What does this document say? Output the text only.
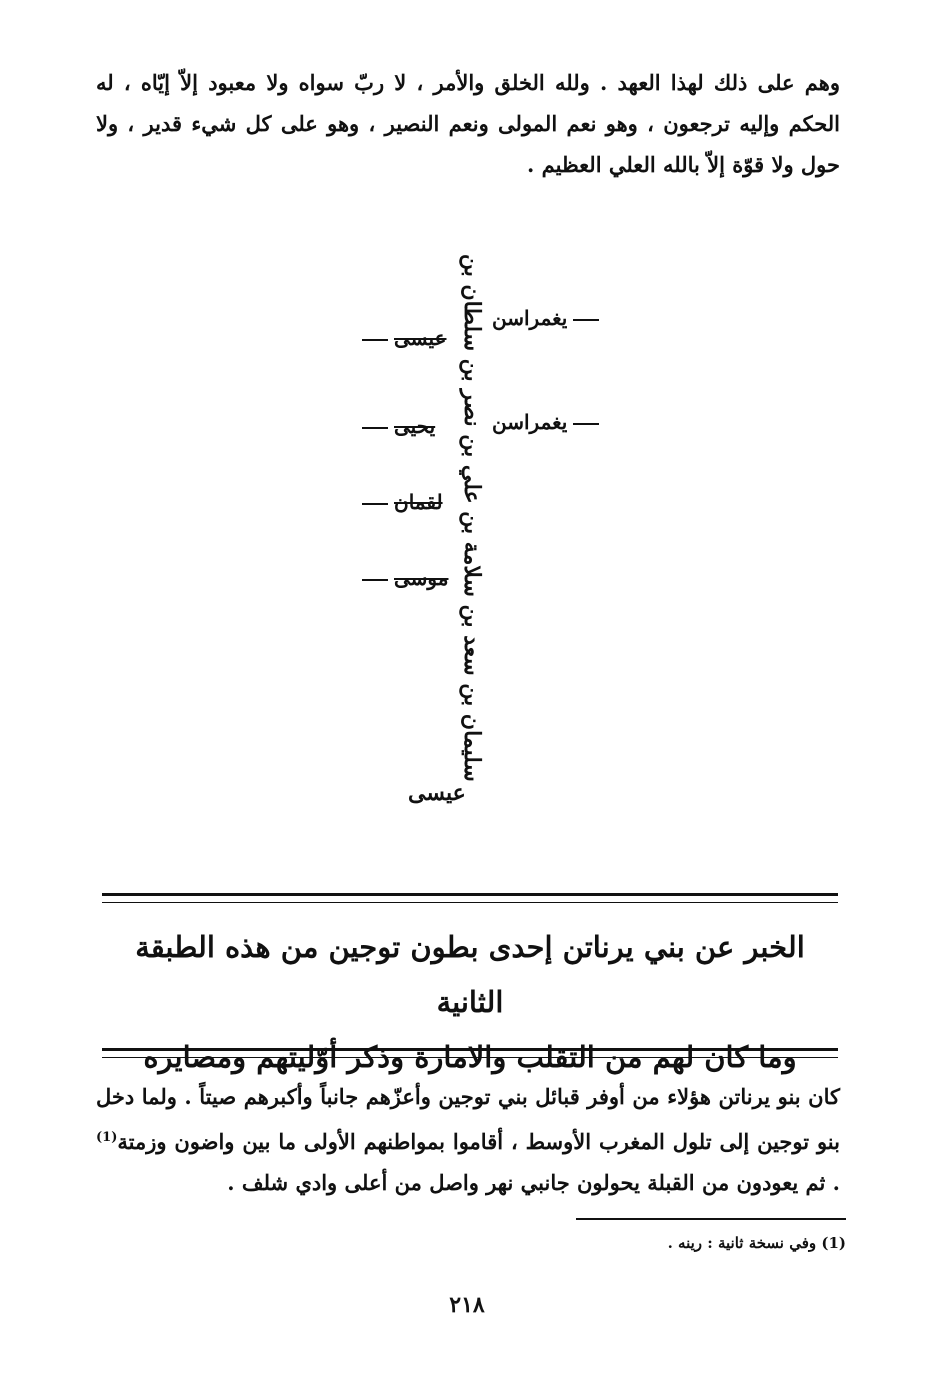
وهم على ذلك لهذا العهد . ولله الخلق والأمر ، لا ربّ سواه ولا معبود إلاّ إيّاه ، له الحكم وإليه ترجعون ، وهو نعم المولى ونعم النصير ، وهو على كل شيء قدير ، ولا حول ولا قوّة إلاّ بالله العلي العظيم .

سليمان بن سعد بن سلامة بن علي بن نصر بن سلطان بن يغمراسن
يغمراسن
عيسى
يحيى
لقمان
موسى
عيسى
الخبر عن بني يرناتن إحدى بطون توجين من هذه الطبقة الثانية
وما كان لهم من التقلب والامارة وذكر أوّليتهم ومصايره

كان بنو يرناتن هؤلاء من أوفر قبائل بني توجين وأعزّهم جانباً وأكبرهم صيتاً . ولما دخل بنو توجين إلى تلول المغرب الأوسط ، أقاموا بمواطنهم الأولى ما بين واضون وزمتة$^{(1)}$ . ثم يعودون من القبلة يحولون جانبي نهر واصل من أعلى وادي شلف .

(1) وفي نسخة ثانية : رينه .
٢١٨
